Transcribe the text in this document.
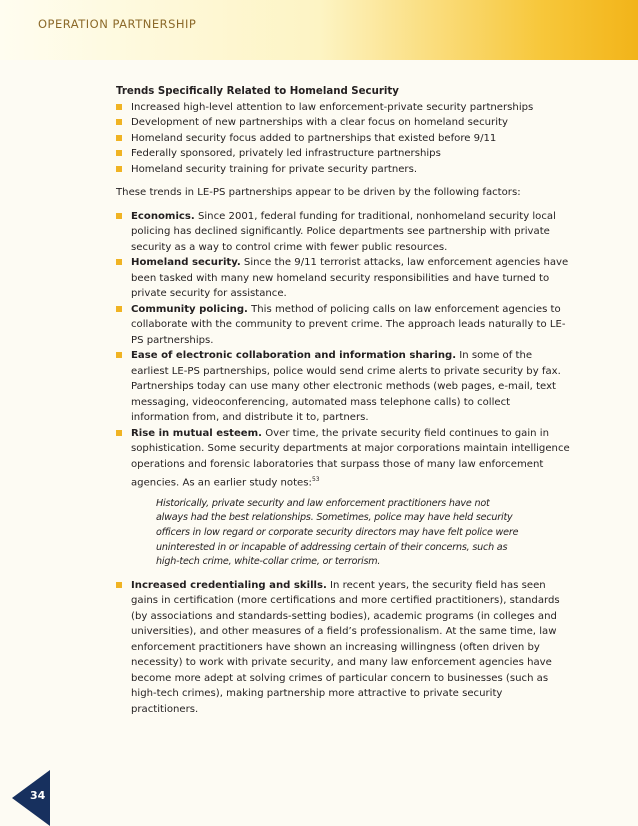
OPERATION PARTNERSHIP

Trends Specifically Related to Homeland Security

Increased high-level attention to law enforcement-private security partnerships
Development of new partnerships with a clear focus on homeland security
Homeland security focus added to partnerships that existed before 9/11
Federally sponsored, privately led infrastructure partnerships
Homeland security training for private security partners.

These trends in LE-PS partnerships appear to be driven by the following factors:

Economics. Since 2001, federal funding for traditional, nonhomeland security local policing has declined significantly. Police departments see partnership with private security as a way to control crime with fewer public resources.
Homeland security. Since the 9/11 terrorist attacks, law enforcement agencies have been tasked with many new homeland security responsibilities and have turned to private security for assistance.
Community policing. This method of policing calls on law enforcement agencies to collaborate with the community to prevent crime. The approach leads naturally to LE-PS partnerships.
Ease of electronic collaboration and information sharing. In some of the earliest LE-PS partnerships, police would send crime alerts to private security by fax. Partnerships today can use many other electronic methods (web pages, e-mail, text messaging, videoconferencing, automated mass telephone calls) to collect information from, and distribute it to, partners.
Rise in mutual esteem. Over time, the private security field continues to gain in sophistication. Some security departments at major corporations maintain intelligence operations and forensic laboratories that surpass those of many law enforcement agencies. As an earlier study notes:$^{53}$
Historically, private security and law enforcement practitioners have not
always had the best relationships. Sometimes, police may have held security
officers in low regard or corporate security directors may have felt police were
uninterested in or incapable of addressing certain of their concerns, such as
high-tech crime, white-collar crime, or terrorism.
Increased credentialing and skills. In recent years, the security field has seen gains in certification (more certifications and more certified practitioners), standards (by associations and standards-setting bodies), academic programs (in colleges and universities), and other measures of a field’s professionalism. At the same time, law enforcement practitioners have shown an increasing willingness (often driven by necessity) to work with private security, and many law enforcement agencies have become more adept at solving crimes of particular concern to businesses (such as high-tech crimes), making partnership more attractive to private security practitioners.
34
